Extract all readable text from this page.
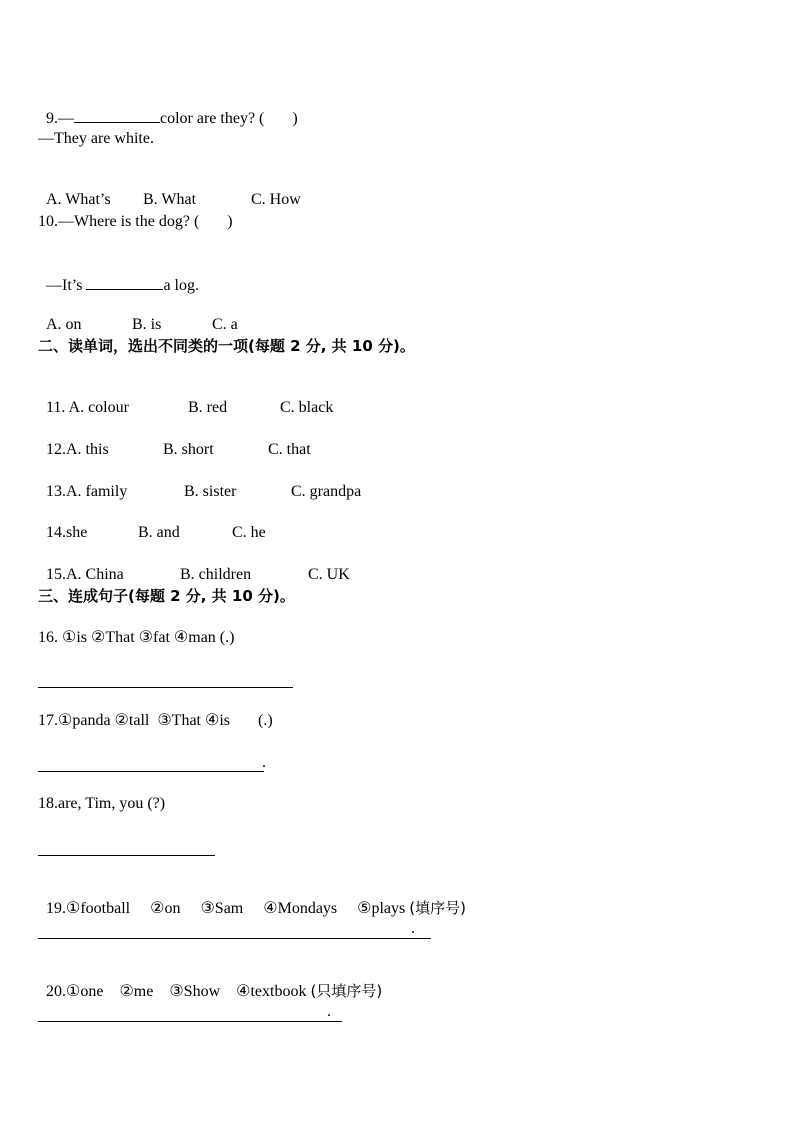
9.—	color are they? (       )

—They are white.

A. What’s B. What	C. How

10.—Where is the dog? (       )

—It’s	a log.

A. on	B. is	C. a

二、读单词，选出不同类的一项(每题 2 分, 共 10 分)。

11. A. colour	B. red	C. black

12.A. this	B. short	C. that

13.A. family	B. sister	C. grandpa

14.she	B. and	C. he

15.A. China	B. children	C. UK

三、连成句子(每题 2 分, 共 10 分)。
16. ①is ②That ③fat ④man (.)
17.①panda ②tall  ③That ④is       (.)
.
18.are, Tim, you (?)

19.①football     ②on     ③Sam     ④Mondays     ⑤plays (填序号)

.

20.①one    ②me    ③Show    ④textbook (只填序号)

.
